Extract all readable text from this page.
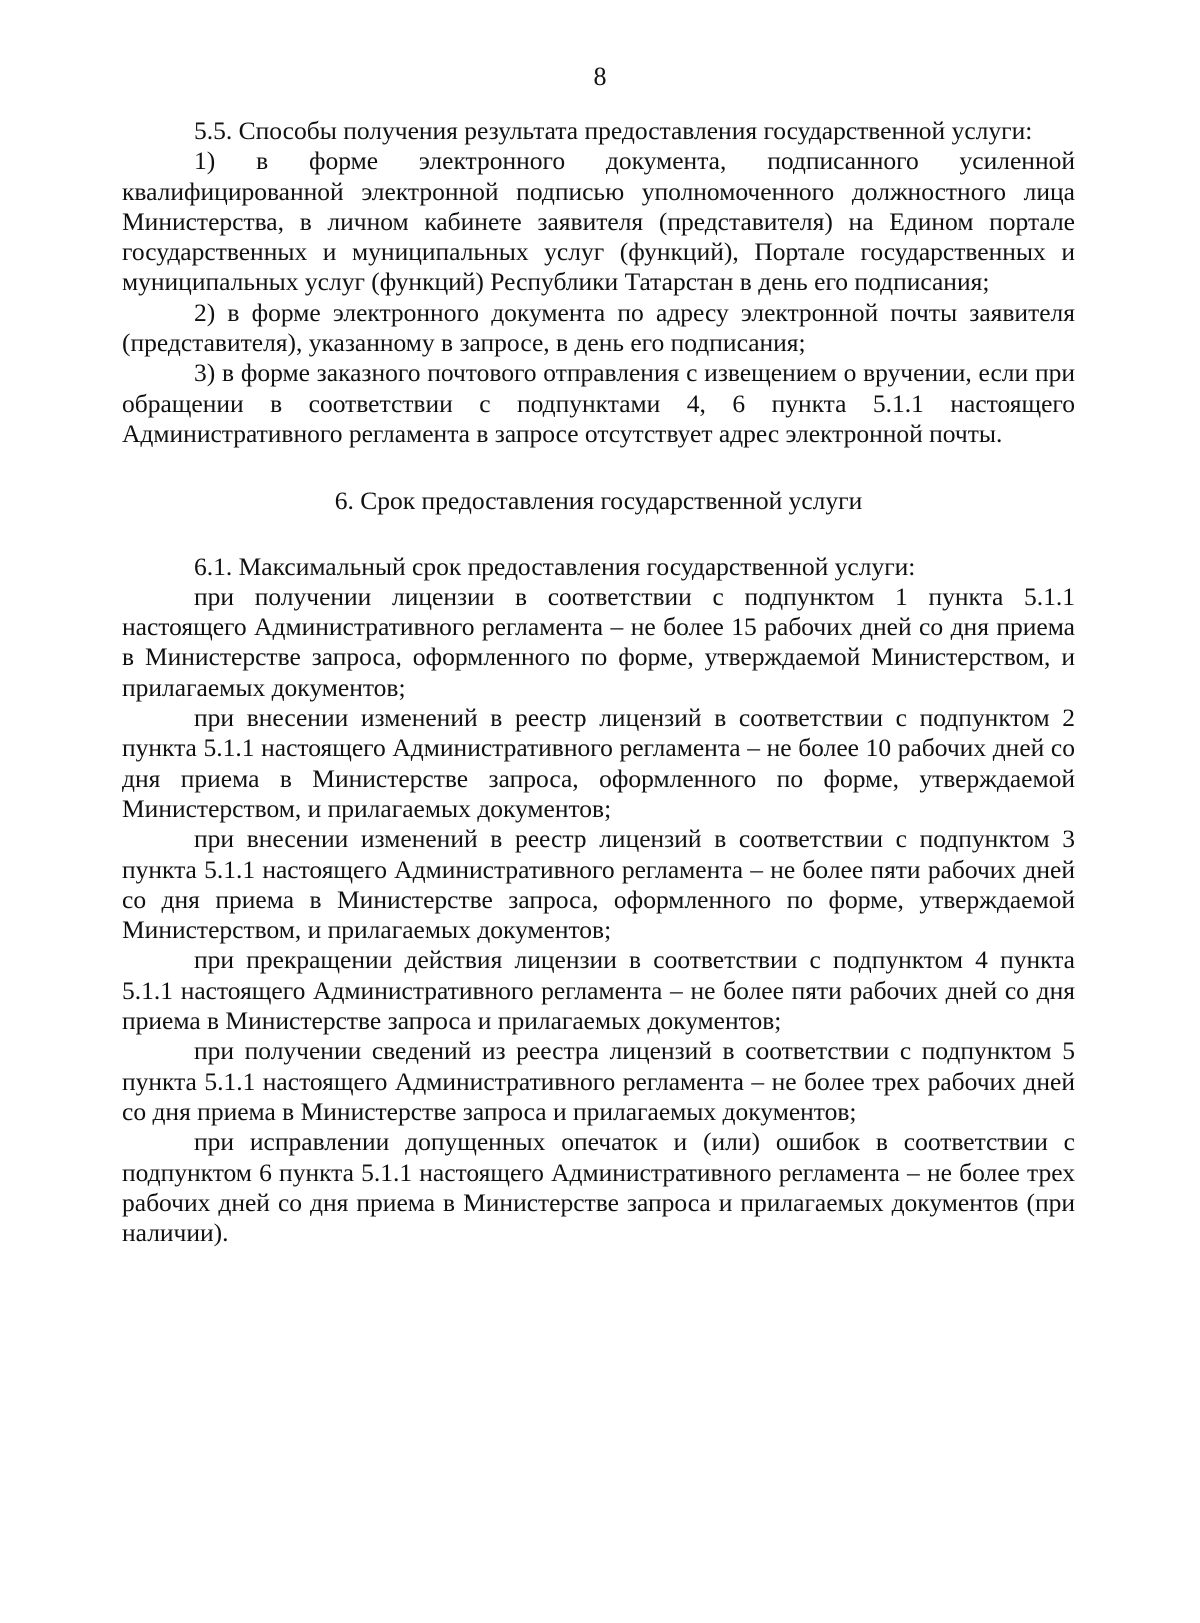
8

5.5. Способы получения результата предоставления государственной услуги:

1) в форме электронного документа, подписанного усиленной квалифицированной электронной подписью уполномоченного должностного лица Министерства, в личном кабинете заявителя (представителя) на Едином портале государственных и муниципальных услуг (функций), Портале государственных и муниципальных услуг (функций) Республики Татарстан в день его подписания;

2) в форме электронного документа по адресу электронной почты заявителя (представителя), указанному в запросе, в день его подписания;

3) в форме заказного почтового отправления с извещением о вручении, если при обращении в соответствии с подпунктами 4, 6 пункта 5.1.1 настоящего Административного регламента в запросе отсутствует адрес электронной почты.

6. Срок предоставления государственной услуги

6.1. Максимальный срок предоставления государственной услуги:

при получении лицензии в соответствии с подпунктом 1 пункта 5.1.1 настоящего Административного регламента – не более 15 рабочих дней со дня приема в Министерстве запроса, оформленного по форме, утверждаемой Министерством, и прилагаемых документов;

при внесении изменений в реестр лицензий в соответствии с подпунктом 2 пункта 5.1.1 настоящего Административного регламента – не более 10 рабочих дней со дня приема в Министерстве запроса, оформленного по форме, утверждаемой Министерством, и прилагаемых документов;

при внесении изменений в реестр лицензий в соответствии с подпунктом 3 пункта 5.1.1 настоящего Административного регламента – не более пяти рабочих дней со дня приема в Министерстве запроса, оформленного по форме, утверждаемой Министерством, и прилагаемых документов;

при прекращении действия лицензии в соответствии с подпунктом 4 пункта 5.1.1 настоящего Административного регламента – не более пяти рабочих дней со дня приема в Министерстве запроса и прилагаемых документов;

при получении сведений из реестра лицензий в соответствии с подпунктом 5 пункта 5.1.1 настоящего Административного регламента – не более трех рабочих дней со дня приема в Министерстве запроса и прилагаемых документов;

при исправлении допущенных опечаток и (или) ошибок в соответствии с подпунктом 6 пункта 5.1.1 настоящего Административного регламента – не более трех рабочих дней со дня приема в Министерстве запроса и прилагаемых документов (при наличии).
